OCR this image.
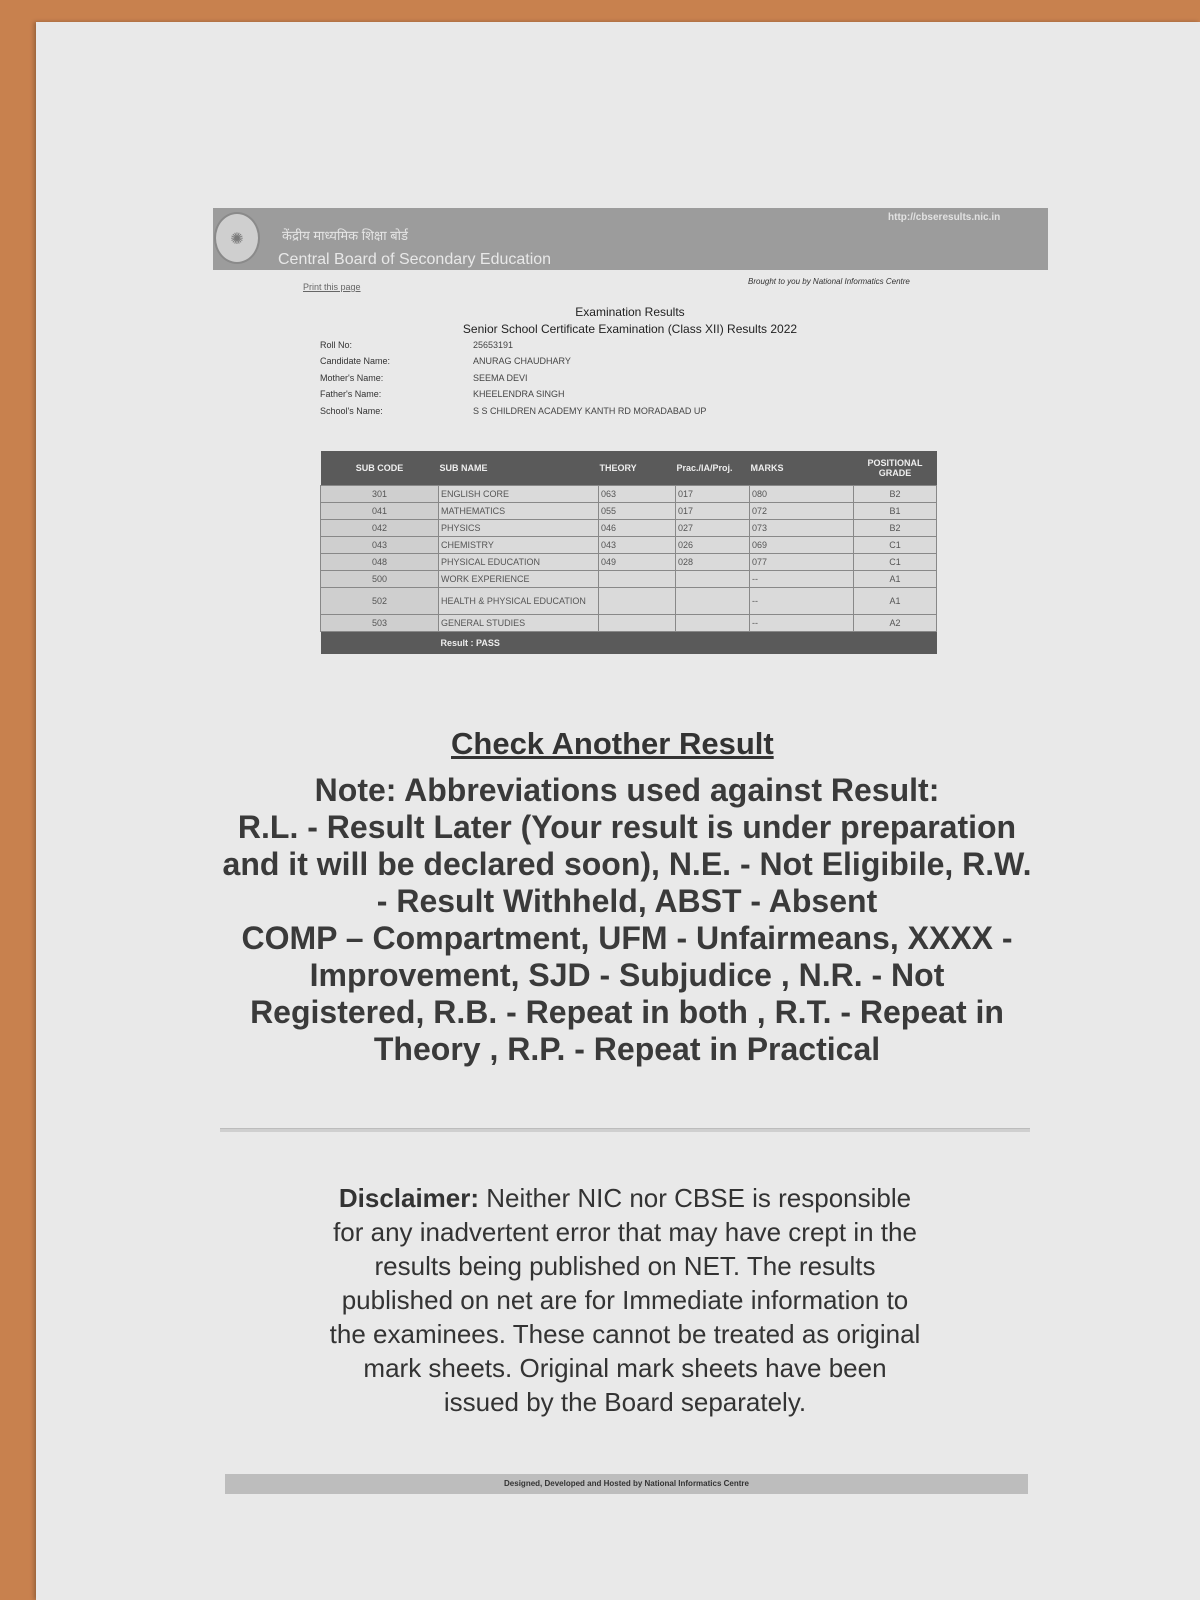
✺	केंद्रीय माध्यमिक शिक्षा बोर्ड
Central Board of Secondary Education
http://cbseresults.nic.in
Print this page
Brought to you by National Informatics Centre
Examination Results
Senior School Certificate Examination (Class XII) Results 2022
Roll No:	25653191
Candidate Name:	ANURAG CHAUDHARY
Mother's Name:	SEEMA DEVI
Father's Name:	KHEELENDRA SINGH
School's Name:	S S CHILDREN ACADEMY KANTH RD MORADABAD UP
SUB CODE	SUB NAME	THEORY	Prac./IA/Proj.	MARKS	POSITIONAL GRADE
301	ENGLISH CORE	063	017	080	B2
041	MATHEMATICS	055	017	072	B1
042	PHYSICS	046	027	073	B2
043	CHEMISTRY	043	026	069	C1
048	PHYSICAL EDUCATION	049	028	077	C1
500	WORK EXPERIENCE			--	A1
502	HEALTH & PHYSICAL EDUCATION			--	A1
503	GENERAL STUDIES			--	A2
	Result : PASS				
Check Another Result
Note: Abbreviations used against Result:
R.L. - Result Later (Your result is under preparation and it will be declared soon), N.E. - Not Eligibile, R.W. - Result Withheld, ABST - Absent
COMP – Compartment, UFM - Unfairmeans, XXXX - Improvement, SJD - Subjudice , N.R. - Not Registered, R.B. - Repeat in both , R.T. - Repeat in Theory , R.P. - Repeat in Practical
Disclaimer: Neither NIC nor CBSE is responsible for any inadvertent error that may have crept in the results being published on NET. The results published on net are for Immediate information to the examinees. These cannot be treated as original mark sheets. Original mark sheets have been issued by the Board separately.
Designed, Developed and Hosted by National Informatics Centre
